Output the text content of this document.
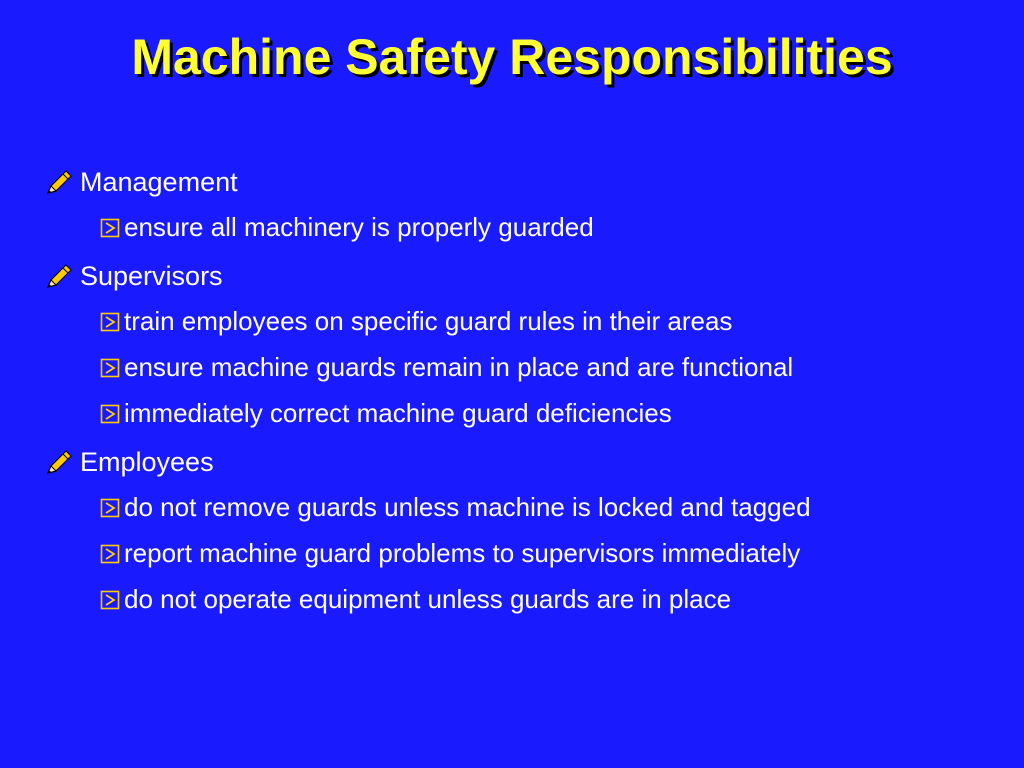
Machine Safety Responsibilities
Management
ensure all machinery is properly guarded
Supervisors
train employees on specific guard rules in their areas
ensure machine guards remain in place and are functional
immediately correct machine guard deficiencies
Employees
do not remove guards unless machine is locked and tagged
report machine guard problems to supervisors immediately
do not operate equipment unless guards are in place
